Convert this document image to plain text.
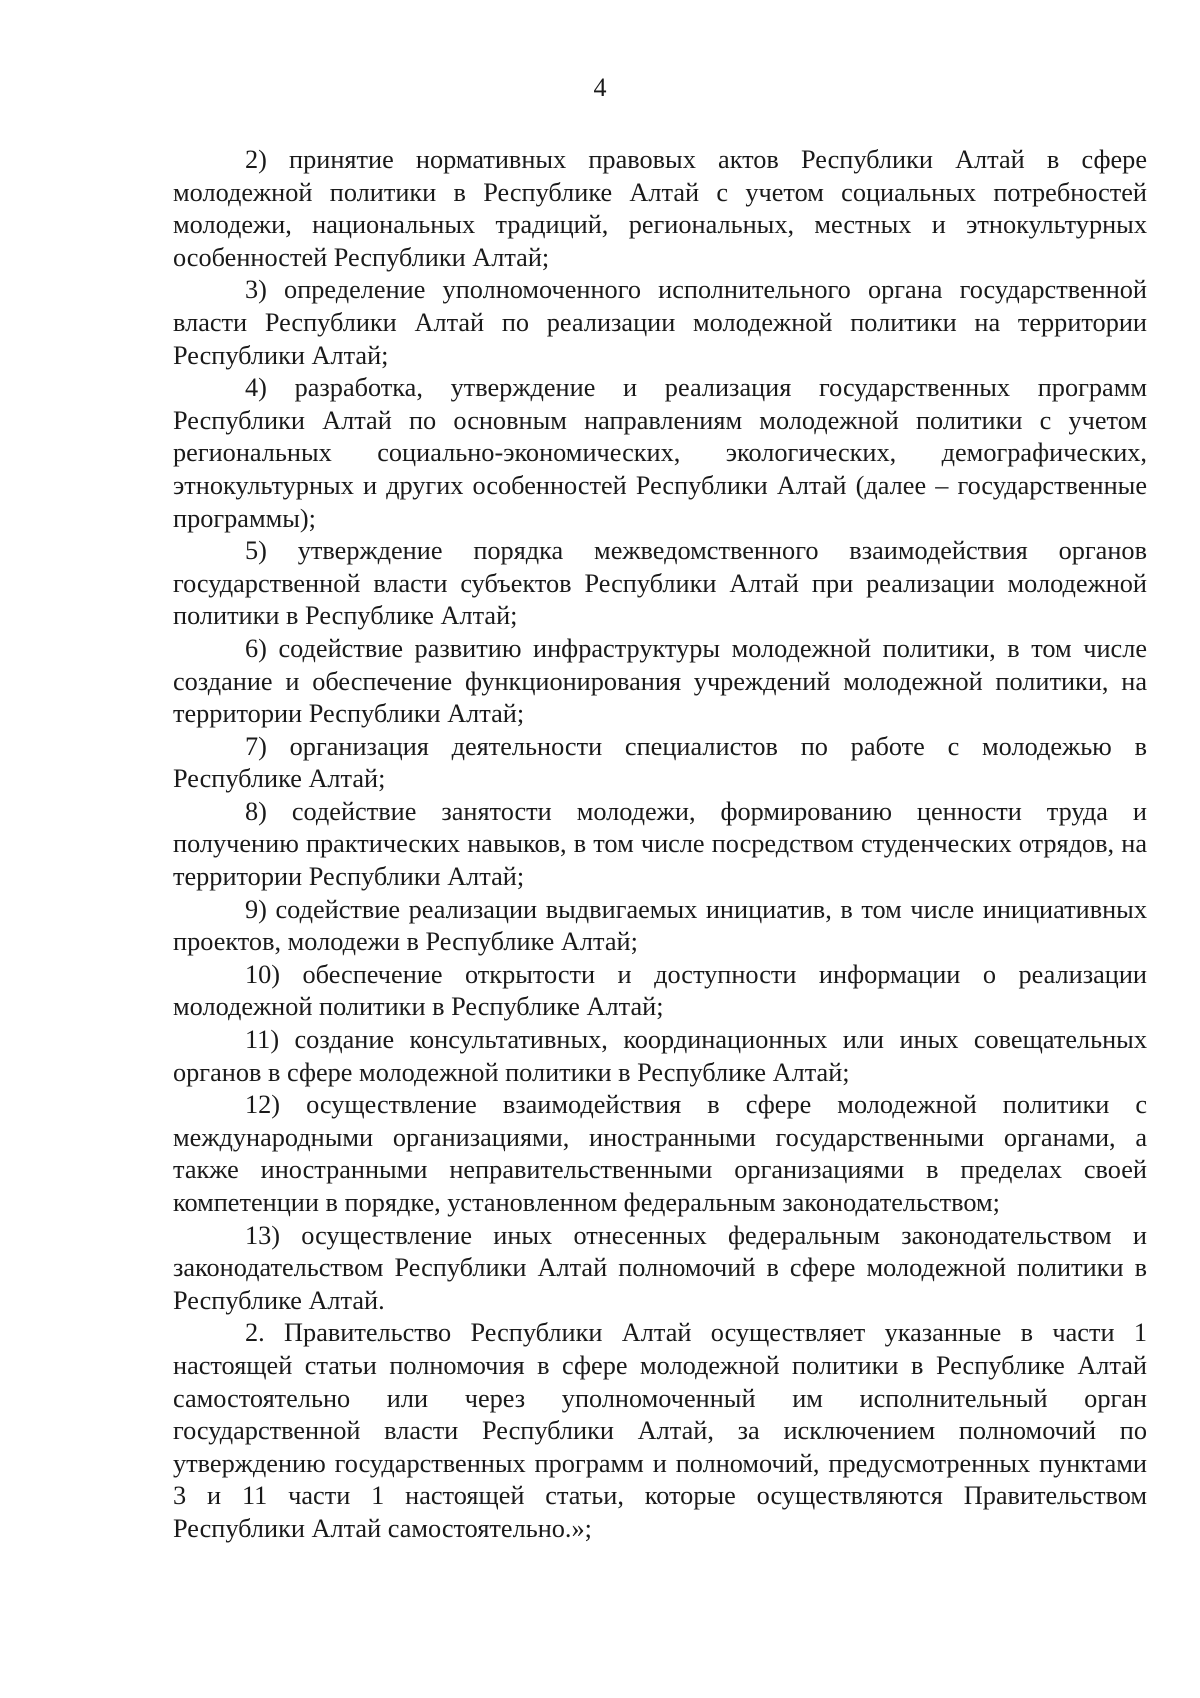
4

2) принятие нормативных правовых актов Республики Алтай в сфере молодежной политики в Республике Алтай с учетом социальных потребностей молодежи, национальных традиций, региональных, местных и этнокультурных особенностей Республики Алтай;

3) определение уполномоченного исполнительного органа государственной власти Республики Алтай по реализации молодежной политики на территории Республики Алтай;

4) разработка, утверждение и реализация государственных программ Республики Алтай по основным направлениям молодежной политики с учетом региональных социально-экономических, экологических, демографических, этнокультурных и других особенностей Республики Алтай (далее – государственные программы);

5) утверждение порядка межведомственного взаимодействия органов государственной власти субъектов Республики Алтай при реализации молодежной политики в Республике Алтай;

6) содействие развитию инфраструктуры молодежной политики, в том числе создание и обеспечение функционирования учреждений молодежной политики, на территории Республики Алтай;

7) организация деятельности специалистов по работе с молодежью в Республике Алтай;

8) содействие занятости молодежи, формированию ценности труда и получению практических навыков, в том числе посредством студенческих отрядов, на территории Республики Алтай;

9) содействие реализации выдвигаемых инициатив, в том числе инициативных проектов, молодежи в Республике Алтай;

10) обеспечение открытости и доступности информации о реализации молодежной политики в Республике Алтай;

11) создание консультативных, координационных или иных совещательных органов в сфере молодежной политики в Республике Алтай;

12) осуществление взаимодействия в сфере молодежной политики с международными организациями, иностранными государственными органами, а также иностранными неправительственными организациями в пределах своей компетенции в порядке, установленном федеральным законодательством;

13) осуществление иных отнесенных федеральным законодательством и законодательством Республики Алтай полномочий в сфере молодежной политики в Республике Алтай.

2. Правительство Республики Алтай осуществляет указанные в части 1 настоящей статьи полномочия в сфере молодежной политики в Республике Алтай самостоятельно или через уполномоченный им исполнительный орган государственной власти Республики Алтай, за исключением полномочий по утверждению государственных программ и полномочий, предусмотренных пунктами 3 и 11 части 1 настоящей статьи, которые осуществляются Правительством Республики Алтай самостоятельно.»;
